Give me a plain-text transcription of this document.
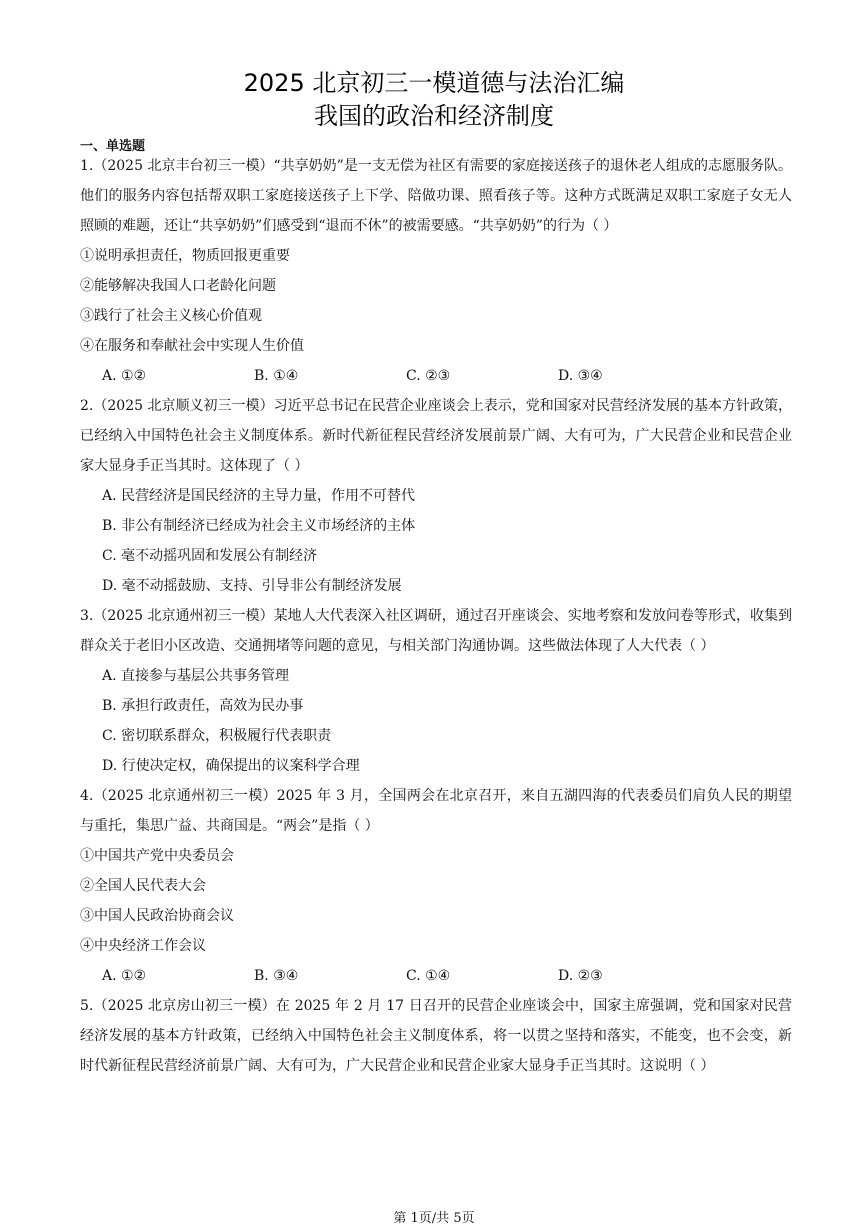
2025 北京初三一模道德与法治汇编
我国的政治和经济制度
一、单选题

1.（2025 北京丰台初三一模）“共享奶奶”是一支无偿为社区有需要的家庭接送孩子的退休老人组成的志愿服务队。他们的服务内容包括帮双职工家庭接送孩子上下学、陪做功课、照看孩子等。这种方式既满足双职工家庭子女无人照顾的难题，还让“共享奶奶”们感受到“退而不休”的被需要感。“共享奶奶”的行为（ ）

①说明承担责任，物质回报更重要

②能够解决我国人口老龄化问题

③践行了社会主义核心价值观

④在服务和奉献社会中实现人生价值

A. ①②	B. ①④	C. ②③	D. ③④

2.（2025 北京顺义初三一模）习近平总书记在民营企业座谈会上表示，党和国家对民营经济发展的基本方针政策，已经纳入中国特色社会主义制度体系。新时代新征程民营经济发展前景广阔、大有可为，广大民营企业和民营企业家大显身手正当其时。这体现了（ ）

A. 民营经济是国民经济的主导力量，作用不可替代

B. 非公有制经济已经成为社会主义市场经济的主体

C. 毫不动摇巩固和发展公有制经济

D. 毫不动摇鼓励、支持、引导非公有制经济发展

3.（2025 北京通州初三一模）某地人大代表深入社区调研，通过召开座谈会、实地考察和发放问卷等形式，收集到群众关于老旧小区改造、交通拥堵等问题的意见，与相关部门沟通协调。这些做法体现了人大代表（ ）

A. 直接参与基层公共事务管理

B. 承担行政责任，高效为民办事

C. 密切联系群众，积极履行代表职责

D. 行使决定权，确保提出的议案科学合理

4.（2025 北京通州初三一模）2025 年 3 月，全国两会在北京召开，来自五湖四海的代表委员们肩负人民的期望与重托，集思广益、共商国是。“两会”是指（ ）

①中国共产党中央委员会

②全国人民代表大会

③中国人民政治协商会议

④中央经济工作会议

A. ①②	B. ③④	C. ①④	D. ②③

5.（2025 北京房山初三一模）在 2025 年 2 月 17 日召开的民营企业座谈会中，国家主席强调，党和国家对民营经济发展的基本方针政策，已经纳入中国特色社会主义制度体系，将一以贯之坚持和落实，不能变，也不会变，新时代新征程民营经济前景广阔、大有可为，广大民营企业和民营企业家大显身手正当其时。这说明（ ）

第 1页/共 5页
